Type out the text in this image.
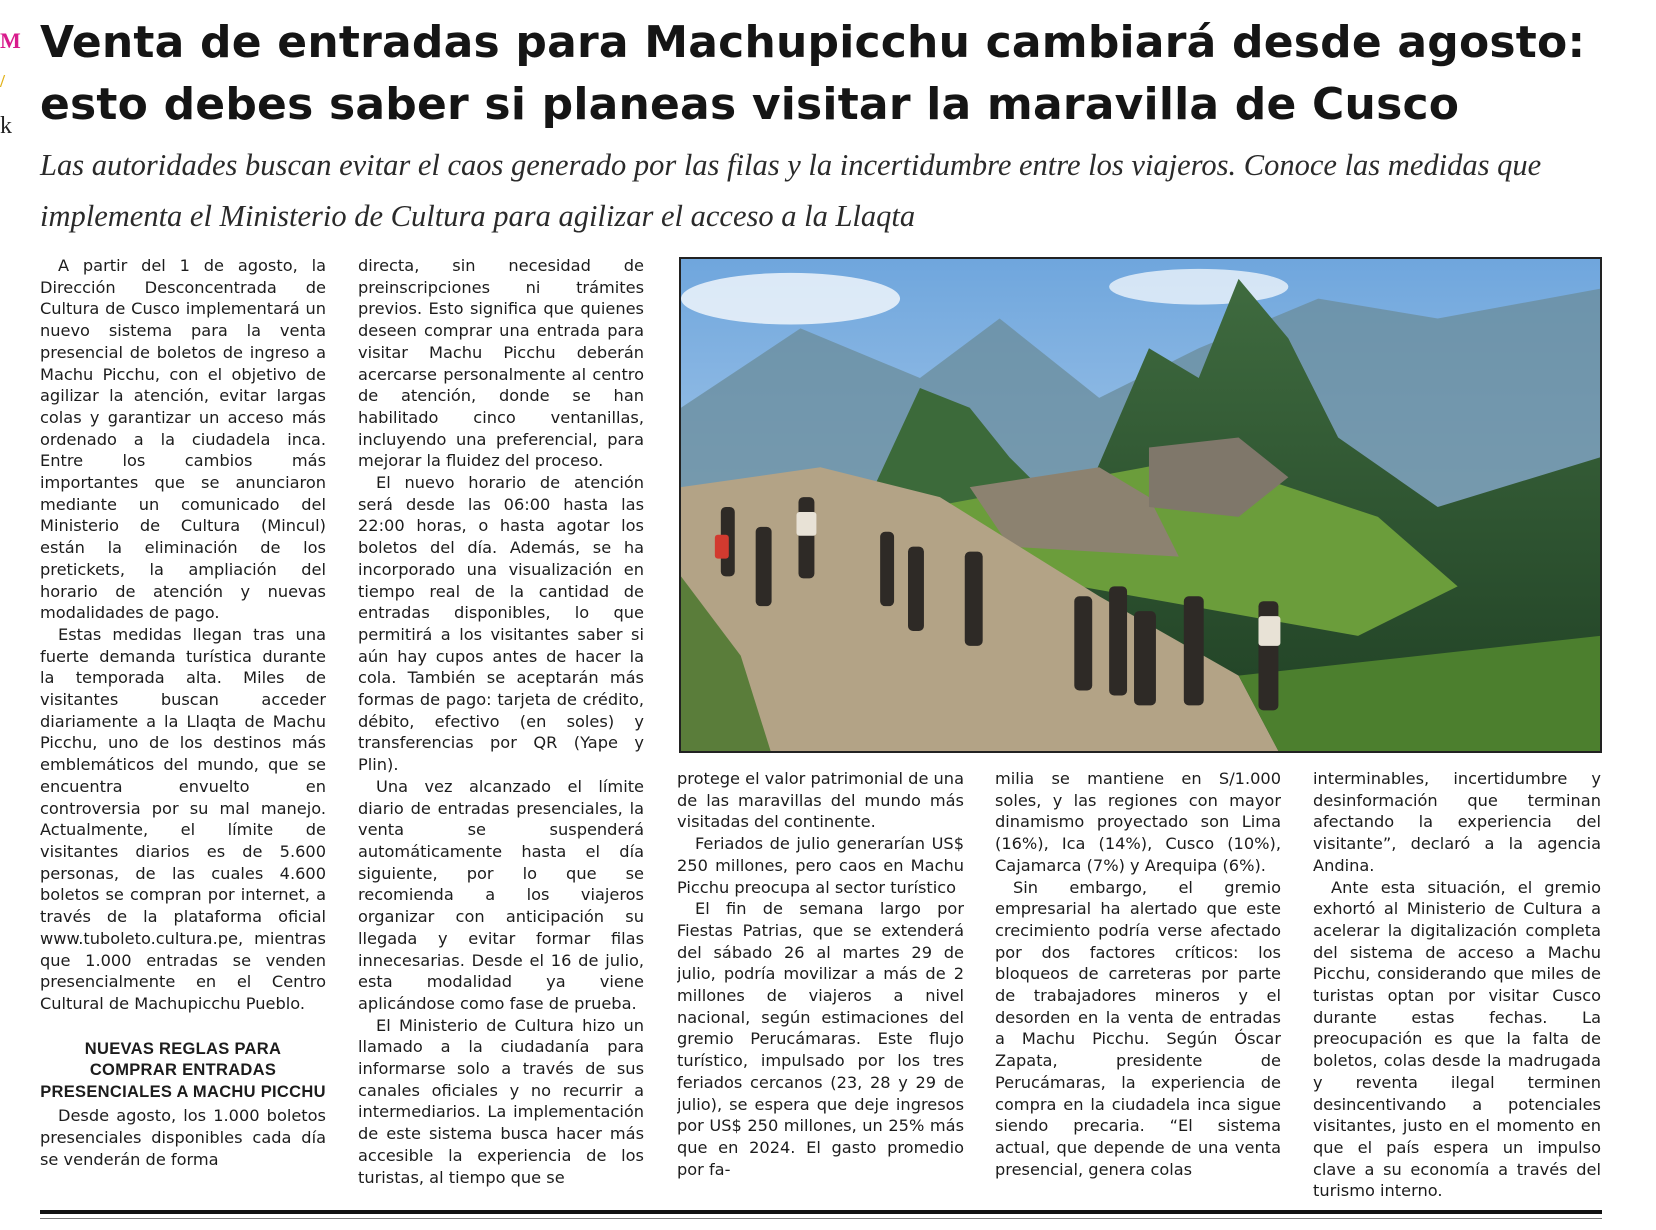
M
/
k
Venta de entradas para Machupicchu cambiará desde agosto: esto debes saber si planeas visitar la maravilla de Cusco

Las autoridades buscan evitar el caos generado por las filas y la incertidumbre entre los viajeros. Conoce las medidas que implementa el Ministerio de Cultura para agilizar el acceso a la Llaqta

A partir del 1 de agosto, la Dirección Desconcentrada de Cultura de Cusco implementará un nuevo sistema para la venta presencial de boletos de ingreso a Machu Picchu, con el objetivo de agilizar la atención, evitar largas colas y garantizar un acceso más ordenado a la ciudadela inca. Entre los cambios más importantes que se anunciaron mediante un comunicado del Ministerio de Cultura (Mincul) están la eliminación de los pretickets, la ampliación del horario de atención y nuevas modalidades de pago.

Estas medidas llegan tras una fuerte demanda turística durante la temporada alta. Miles de visitantes buscan acceder diariamente a la Llaqta de Machu Picchu, uno de los destinos más emblemáticos del mundo, que se encuentra envuelto en controversia por su mal manejo. Actualmente, el límite de visitantes diarios es de 5.600 personas, de las cuales 4.600 boletos se compran por internet, a través de la plataforma oficial www.tuboleto.cultura.pe, mientras que 1.000 entradas se venden presencialmente en el Centro Cultural de Machupicchu Pueblo.

NUEVAS REGLAS PARA COMPRAR ENTRADAS PRESENCIALES A MACHU PICCHU

Desde agosto, los 1.000 boletos presenciales disponibles cada día se venderán de forma

directa, sin necesidad de preinscripciones ni trámites previos. Esto significa que quienes deseen comprar una entrada para visitar Machu Picchu deberán acercarse personalmente al centro de atención, donde se han habilitado cinco ventanillas, incluyendo una preferencial, para mejorar la fluidez del proceso.

El nuevo horario de atención será desde las 06:00 hasta las 22:00 horas, o hasta agotar los boletos del día. Además, se ha incorporado una visualización en tiempo real de la cantidad de entradas disponibles, lo que permitirá a los visitantes saber si aún hay cupos antes de hacer la cola. También se aceptarán más formas de pago: tarjeta de crédito, débito, efectivo (en soles) y transferencias por QR (Yape y Plin).

Una vez alcanzado el límite diario de entradas presenciales, la venta se suspenderá automáticamente hasta el día siguiente, por lo que se recomienda a los viajeros organizar con anticipación su llegada y evitar formar filas innecesarias. Desde el 16 de julio, esta modalidad ya viene aplicándose como fase de prueba.

El Ministerio de Cultura hizo un llamado a la ciudadanía para informarse solo a través de sus canales oficiales y no recurrir a intermediarios. La implementación de este sistema busca hacer más accesible la experiencia de los turistas, al tiempo que se

protege el valor patrimonial de una de las maravillas del mundo más visitadas del continente.

Feriados de julio generarían US$ 250 millones, pero caos en Machu Picchu preocupa al sector turístico

El fin de semana largo por Fiestas Patrias, que se extenderá del sábado 26 al martes 29 de julio, podría movilizar a más de 2 millones de viajeros a nivel nacional, según estimaciones del gremio Perucámaras. Este flujo turístico, impulsado por los tres feriados cercanos (23, 28 y 29 de julio), se espera que deje ingresos por US$ 250 millones, un 25% más que en 2024. El gasto promedio por fa-

milia se mantiene en S/1.000 soles, y las regiones con mayor dinamismo proyectado son Lima (16%), Ica (14%), Cusco (10%), Cajamarca (7%) y Arequipa (6%).

Sin embargo, el gremio empresarial ha alertado que este crecimiento podría verse afectado por dos factores críticos: los bloqueos de carreteras por parte de trabajadores mineros y el desorden en la venta de entradas a Machu Picchu. Según Óscar Zapata, presidente de Perucámaras, la experiencia de compra en la ciudadela inca sigue siendo precaria. “El sistema actual, que depende de una venta presencial, genera colas

interminables, incertidumbre y desinformación que terminan afectando la experiencia del visitante”, declaró a la agencia Andina.

Ante esta situación, el gremio exhortó al Ministerio de Cultura a acelerar la digitalización completa del sistema de acceso a Machu Picchu, considerando que miles de turistas optan por visitar Cusco durante estas fechas. La preocupación es que la falta de boletos, colas desde la madrugada y reventa ilegal terminen desincentivando a potenciales visitantes, justo en el momento en que el país espera un impulso clave a su economía a través del turismo interno.
